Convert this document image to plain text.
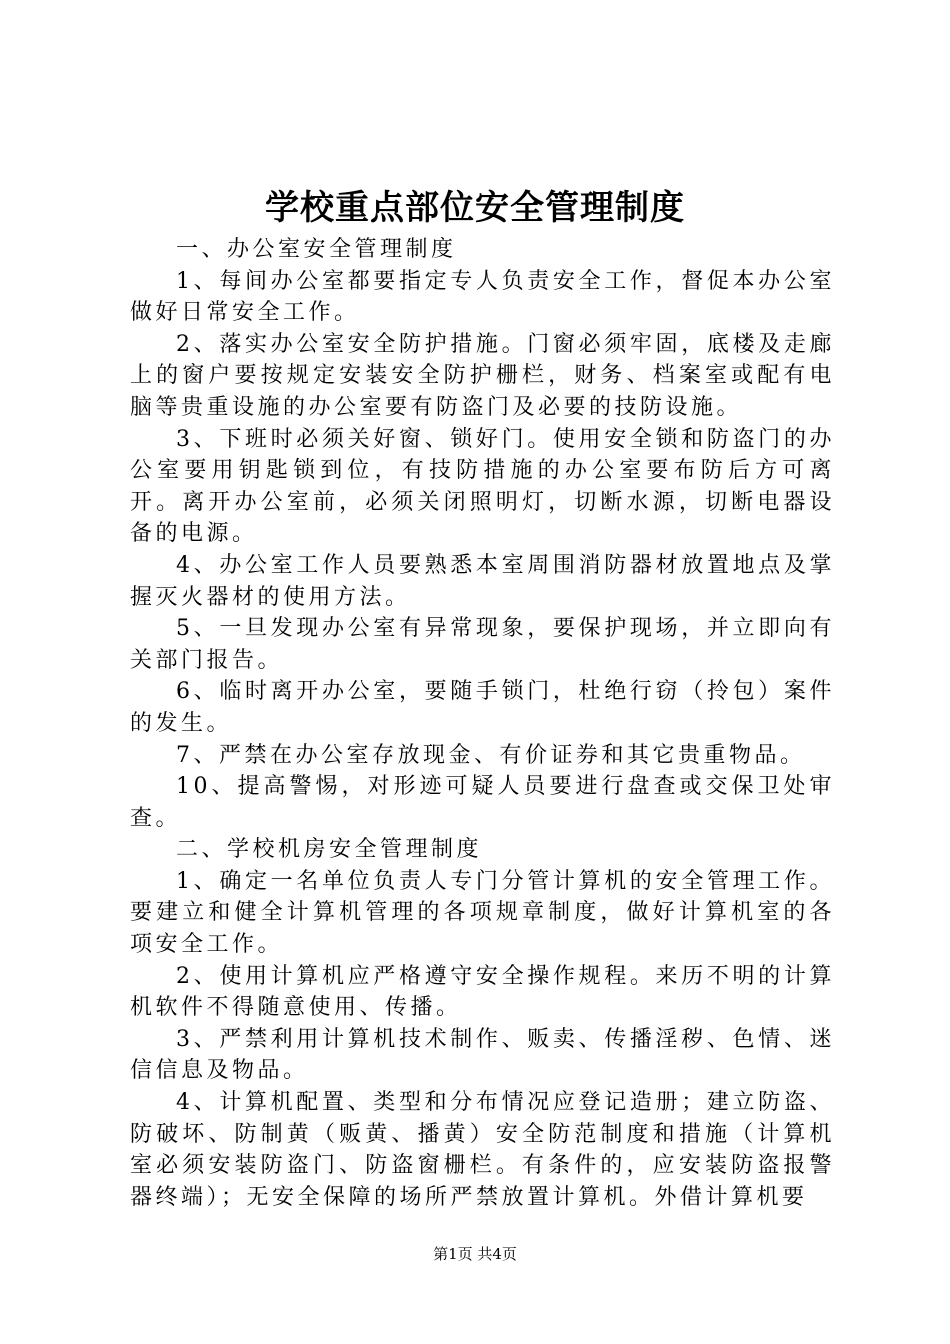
学校重点部位安全管理制度

一、办公室安全管理制度

1、每间办公室都要指定专人负责安全工作，督促本办公室做好日常安全工作。

2、落实办公室安全防护措施。门窗必须牢固，底楼及走廊上的窗户要按规定安装安全防护栅栏，财务、档案室或配有电脑等贵重设施的办公室要有防盗门及必要的技防设施。

3、下班时必须关好窗、锁好门。使用安全锁和防盗门的办公室要用钥匙锁到位，有技防措施的办公室要布防后方可离开。离开办公室前，必须关闭照明灯，切断水源，切断电器设备的电源。

4、办公室工作人员要熟悉本室周围消防器材放置地点及掌握灭火器材的使用方法。

5、一旦发现办公室有异常现象，要保护现场，并立即向有关部门报告。

6、临时离开办公室，要随手锁门，杜绝行窃（拎包）案件的发生。

7、严禁在办公室存放现金、有价证券和其它贵重物品。

10、提高警惕，对形迹可疑人员要进行盘查或交保卫处审查。

二、学校机房安全管理制度

1、确定一名单位负责人专门分管计算机的安全管理工作。要建立和健全计算机管理的各项规章制度，做好计算机室的各项安全工作。

2、使用计算机应严格遵守安全操作规程。来历不明的计算机软件不得随意使用、传播。

3、严禁利用计算机技术制作、贩卖、传播淫秽、色情、迷信信息及物品。

4、计算机配置、类型和分布情况应登记造册；建立防盗、防破坏、防制黄（贩黄、播黄）安全防范制度和措施（计算机室必须安装防盗门、防盗窗栅栏。有条件的，应安装防盗报警器终端）；无安全保障的场所严禁放置计算机。外借计算机要

第1页 共4页
